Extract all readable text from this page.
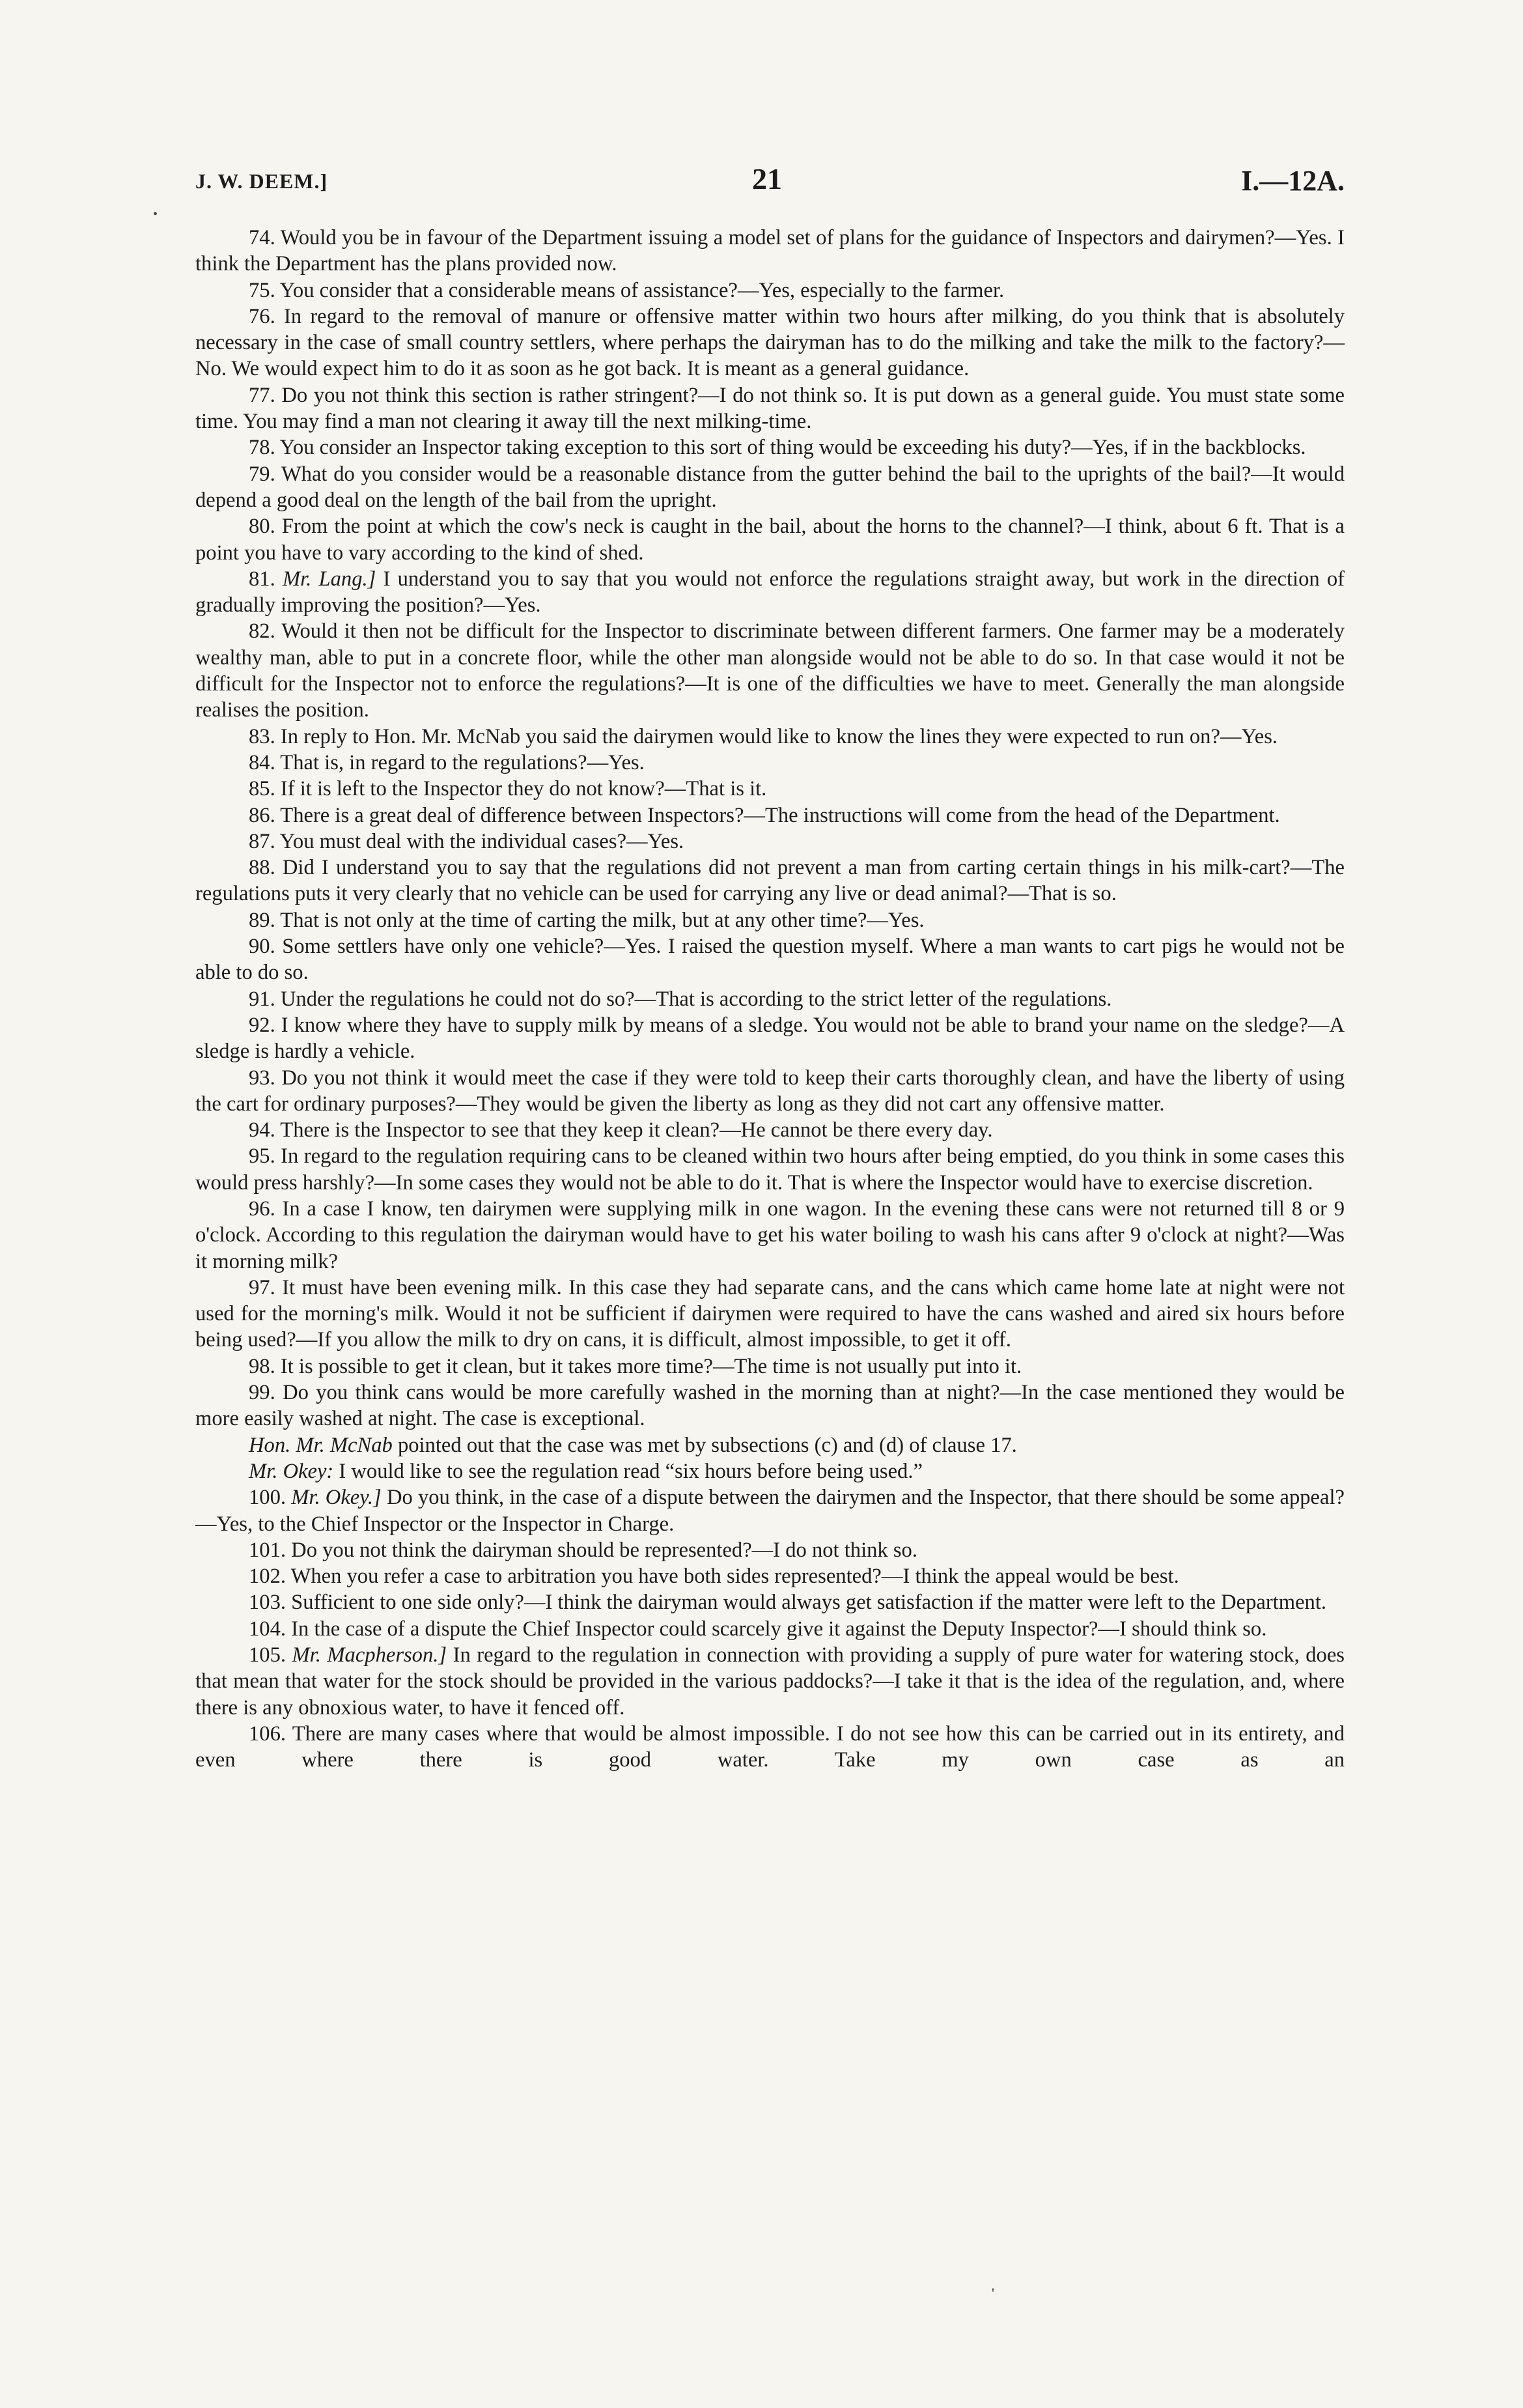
J. W. DEEM.]	21	I.—12A.
•

74. Would you be in favour of the Department issuing a model set of plans for the guidance of Inspectors and dairymen?—Yes. I think the Department has the plans provided now.

75. You consider that a considerable means of assistance?—Yes, especially to the farmer.

76. In regard to the removal of manure or offensive matter within two hours after milking, do you think that is absolutely necessary in the case of small country settlers, where perhaps the dairyman has to do the milking and take the milk to the factory?—No. We would expect him to do it as soon as he got back. It is meant as a general guidance.

77. Do you not think this section is rather stringent?—I do not think so. It is put down as a general guide. You must state some time. You may find a man not clearing it away till the next milking-time.

78. You consider an Inspector taking exception to this sort of thing would be exceeding his duty?—Yes, if in the backblocks.

79. What do you consider would be a reasonable distance from the gutter behind the bail to the uprights of the bail?—It would depend a good deal on the length of the bail from the upright.

80. From the point at which the cow's neck is caught in the bail, about the horns to the channel?—I think, about 6 ft. That is a point you have to vary according to the kind of shed.

81. Mr. Lang.] I understand you to say that you would not enforce the regulations straight away, but work in the direction of gradually improving the position?—Yes.

82. Would it then not be difficult for the Inspector to discriminate between different farmers. One farmer may be a moderately wealthy man, able to put in a concrete floor, while the other man alongside would not be able to do so. In that case would it not be difficult for the Inspector not to enforce the regulations?—It is one of the difficulties we have to meet. Generally the man alongside realises the position.

83. In reply to Hon. Mr. McNab you said the dairymen would like to know the lines they were expected to run on?—Yes.

84. That is, in regard to the regulations?—Yes.

85. If it is left to the Inspector they do not know?—That is it.

86. There is a great deal of difference between Inspectors?—The instructions will come from the head of the Department.

87. You must deal with the individual cases?—Yes.

88. Did I understand you to say that the regulations did not prevent a man from carting certain things in his milk-cart?—The regulations puts it very clearly that no vehicle can be used for carrying any live or dead animal?—That is so.

89. That is not only at the time of carting the milk, but at any other time?—Yes.

90. Some settlers have only one vehicle?—Yes. I raised the question myself. Where a man wants to cart pigs he would not be able to do so.

91. Under the regulations he could not do so?—That is according to the strict letter of the regulations.

92. I know where they have to supply milk by means of a sledge. You would not be able to brand your name on the sledge?—A sledge is hardly a vehicle.

93. Do you not think it would meet the case if they were told to keep their carts thoroughly clean, and have the liberty of using the cart for ordinary purposes?—They would be given the liberty as long as they did not cart any offensive matter.

94. There is the Inspector to see that they keep it clean?—He cannot be there every day.

95. In regard to the regulation requiring cans to be cleaned within two hours after being emptied, do you think in some cases this would press harshly?—In some cases they would not be able to do it. That is where the Inspector would have to exercise discretion.

96. In a case I know, ten dairymen were supplying milk in one wagon. In the evening these cans were not returned till 8 or 9 o'clock. According to this regulation the dairyman would have to get his water boiling to wash his cans after 9 o'clock at night?—Was it morning milk?

97. It must have been evening milk. In this case they had separate cans, and the cans which came home late at night were not used for the morning's milk. Would it not be sufficient if dairymen were required to have the cans washed and aired six hours before being used?—If you allow the milk to dry on cans, it is difficult, almost impossible, to get it off.

98. It is possible to get it clean, but it takes more time?—The time is not usually put into it.

99. Do you think cans would be more carefully washed in the morning than at night?—In the case mentioned they would be more easily washed at night. The case is exceptional.

Hon. Mr. McNab pointed out that the case was met by subsections (c) and (d) of clause 17.

Mr. Okey: I would like to see the regulation read “six hours before being used.”

100. Mr. Okey.] Do you think, in the case of a dispute between the dairymen and the Inspector, that there should be some appeal?—Yes, to the Chief Inspector or the Inspector in Charge.

101. Do you not think the dairyman should be represented?—I do not think so.

102. When you refer a case to arbitration you have both sides represented?—I think the appeal would be best.

103. Sufficient to one side only?—I think the dairyman would always get satisfaction if the matter were left to the Department.

104. In the case of a dispute the Chief Inspector could scarcely give it against the Deputy Inspector?—I should think so.

105. Mr. Macpherson.] In regard to the regulation in connection with providing a supply of pure water for watering stock, does that mean that water for the stock should be provided in the various paddocks?—I take it that is the idea of the regulation, and, where there is any obnoxious water, to have it fenced off.

106. There are many cases where that would be almost impossible. I do not see how this can be carried out in its entirety, and even where there is good water. Take my own case as an

'
